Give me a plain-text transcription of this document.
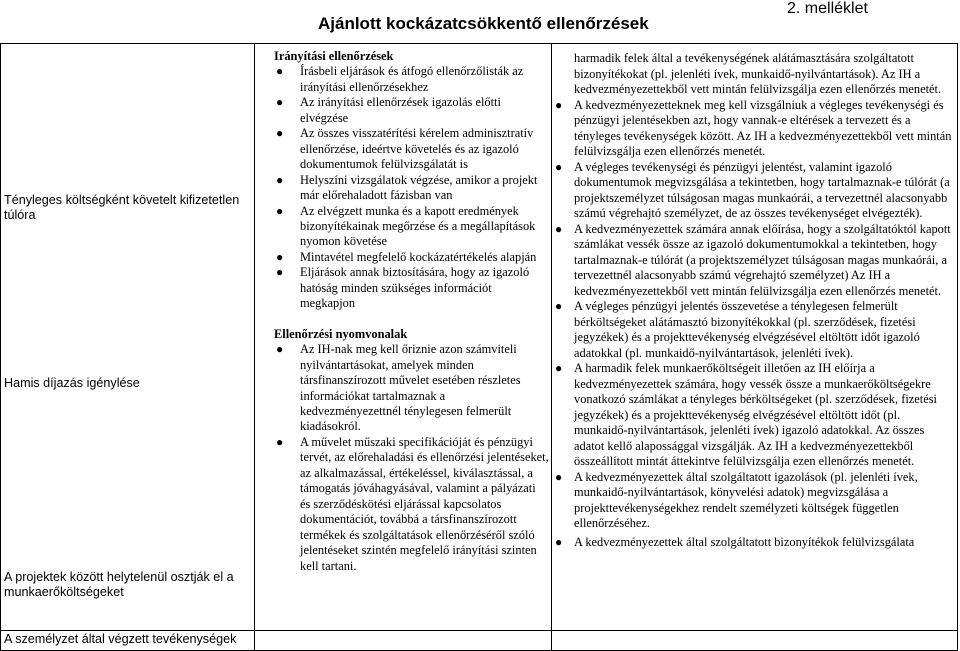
Ajánlott kockázatcsökkentő ellenőrzések
2. melléklet
Tényleges költségként követelt kifizetetlen túlóra
Hamis díjazás igénylése
A projektek között helytelenül osztják el a munkaerőköltségeket
A személyzet által végzett tevékenységek
Irányítási ellenőrzések
● Írásbeli eljárások és átfogó ellenőrzőlisták az irányítási ellenőrzésekhez
● Az irányítási ellenőrzések igazolás előtti elvégzése
● Az összes visszatérítési kérelem adminisztratív ellenőrzése, ideértve követelés és az igazoló dokumentumok felülvizsgálatát is
● Helyszíni vizsgálatok végzése, amikor a projekt már előrehaladott fázisban van
● Az elvégzett munka és a kapott eredmények bizonyítékainak megőrzése és a megállapítások nyomon követése
● Mintavétel megfelelő kockázatértékelés alapján
● Eljárások annak biztosítására, hogy az igazoló hatóság minden szükséges információt megkapjon
Ellenőrzési nyomvonalak
● Az IH-nak meg kell őriznie azon számviteli nyilvántartásokat, amelyek minden társfinanszírozott művelet esetében részletes információkat tartalmaznak a kedvezményezettnél ténylegesen felmerült kiadásokról.
● A művelet műszaki specifikációját és pénzügyi tervét, az előrehaladási és ellenőrzési jelentéseket, az alkalmazással, értékeléssel, kiválasztással, a támogatás jóváhagyásával, valamint a pályázati és szerződéskötési eljárással kapcsolatos dokumentációt, továbbá a társfinanszírozott termékek és szolgáltatások ellenőrzéséről szóló jelentéseket szintén megfelelő irányítási szinten kell tartani.
harmadik felek által a tevékenységének alátámasztására szolgáltatott bizonyítékokat (pl. jelenléti ívek, munkaidő-nyilvántartások). Az IH a kedvezményezettekből vett mintán felülvizsgálja ezen ellenőrzés menetét.
● A kedvezményezetteknek meg kell vizsgálniuk a végleges tevékenységi és pénzügyi jelentésekben azt, hogy vannak-e eltérések a tervezett és a tényleges tevékenységek között. Az IH a kedvezményezettekből vett mintán felülvizsgálja ezen ellenőrzés menetét.
● A végleges tevékenységi és pénzügyi jelentést, valamint igazoló dokumentumok megvizsgálása a tekintetben, hogy tartalmaznak-e túlórát (a projektszemélyzet túlságosan magas munkaórái, a tervezettnél alacsonyabb számú végrehajtó személyzet, de az összes tevékenységet elvégezték).
● A kedvezményezettek számára annak előírása, hogy a szolgáltatóktól kapott számlákat vessék össze az igazoló dokumentumokkal a tekintetben, hogy tartalmaznak-e túlórát (a projektszemélyzet túlságosan magas munkaórái, a tervezettnél alacsonyabb számú végrehajtó személyzet) Az IH a kedvezményezettekből vett mintán felülvizsgálja ezen ellenőrzés menetét.
● A végleges pénzügyi jelentés összevetése a ténylegesen felmerült bérköltségeket alátámasztó bizonyítékokkal (pl. szerződések, fizetési jegyzékek) és a projekttevékenység elvégzésével eltöltött időt igazoló adatokkal (pl. munkaidő-nyilvántartások, jelenléti ívek).
● A harmadik felek munkaerőköltségeit illetően az IH előírja a kedvezményezettek számára, hogy vessék össze a munkaerőköltségekre vonatkozó számlákat a tényleges bérköltségeket (pl. szerződések, fizetési jegyzékek) és a projekttevékenység elvégzésével eltöltött időt (pl. munkaidő-nyilvántartások, jelenléti ívek) igazoló adatokkal. Az összes adatot kellő alapossággal vizsgálják. Az IH a kedvezményezettekből összeállított mintát áttekintve felülvizsgálja ezen ellenőrzés menetét.
● A kedvezményezettek által szolgáltatott igazolások (pl. jelenléti ívek, munkaidő-nyilvántartások, könyvelési adatok) megvizsgálása a projekttevékenységekhez rendelt személyzeti költségek független ellenőrzéséhez.
● A kedvezményezettek által szolgáltatott bizonyítékok felülvizsgálata
